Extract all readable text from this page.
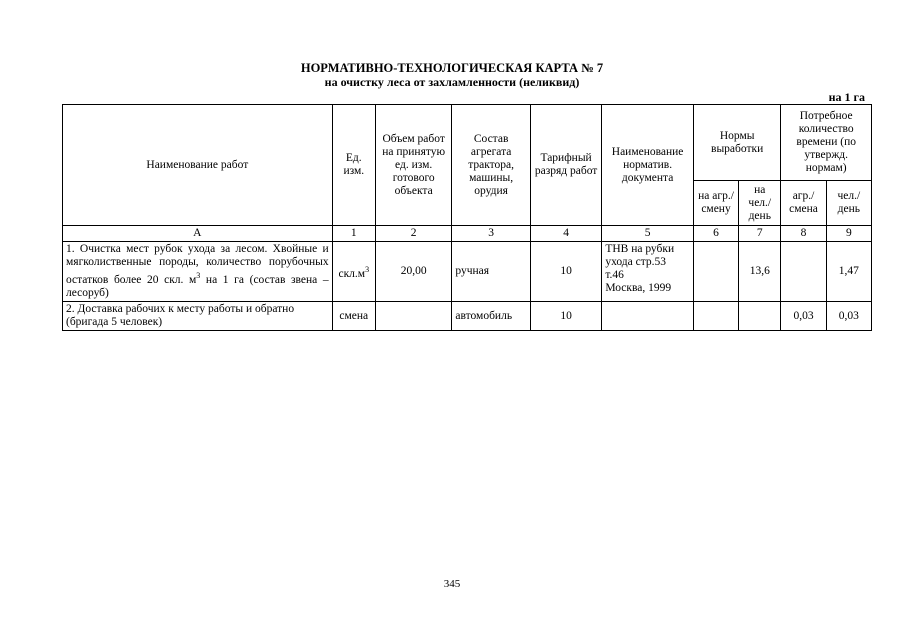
НОРМАТИВНО-ТЕХНОЛОГИЧЕСКАЯ КАРТА № 7
на очистку леса от захламленности (неликвид)
на 1 га
Наименование работ	Ед. изм.	Объем работ на принятую ед. изм. готового объекта	Состав агрегата трактора, машины, орудия	Тарифный разряд работ	Наименование норматив. документа	Нормы выработки		Потребное количество времени (по утвержд. нормам)	
						на агр./ смену	на чел./ день	агр./ смена	чел./ день
А	1	2	3	4	5	6	7	8	9
1. Очистка мест рубок ухода за лесом. Хвойные и мягколиственные породы, количество порубочных остатков более 20 скл. $м^3$ на 1 га (состав звена – лесоруб)	$скл.м^3$	20,00	ручная	10	ТНВ на рубки ухода стр.53
т.46
Москва, 1999		13,6		1,47
2. Доставка рабочих к месту работы и обратно (бригада 5 человек)	смена		автомобиль	10				0,03	0,03
345
